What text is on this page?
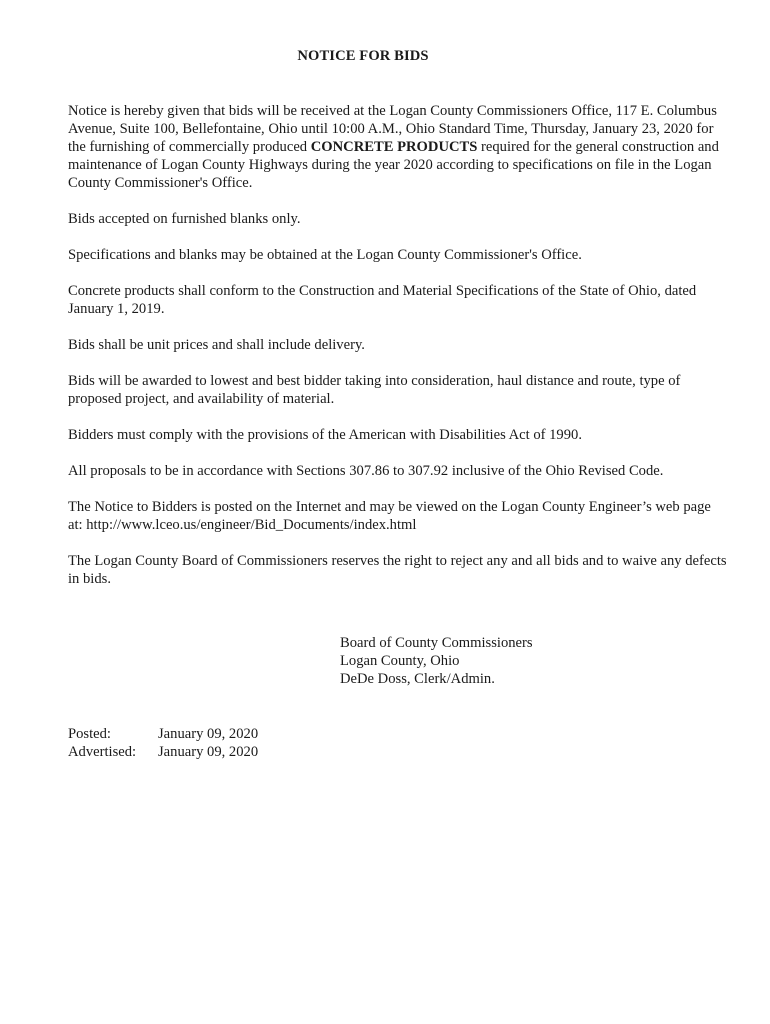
NOTICE FOR BIDS

Notice is hereby given that bids will be received at the Logan County Commissioners Office, 117 E. Columbus Avenue, Suite 100, Bellefontaine, Ohio until 10:00 A.M., Ohio Standard Time, Thursday, January 23, 2020 for the furnishing of commercially produced CONCRETE PRODUCTS required for the general construction and maintenance of Logan County Highways during the year 2020 according to specifications on file in the Logan County Commissioner's Office.

Bids accepted on furnished blanks only.

Specifications and blanks may be obtained at the Logan County Commissioner's Office.

Concrete products shall conform to the Construction and Material Specifications of the State of Ohio, dated January 1, 2019.

Bids shall be unit prices and shall include delivery.

Bids will be awarded to lowest and best bidder taking into consideration, haul distance and route, type of proposed project, and availability of material.

Bidders must comply with the provisions of the American with Disabilities Act of 1990.

All proposals to be in accordance with Sections 307.86 to 307.92 inclusive of the Ohio Revised Code.

The Notice to Bidders is posted on the Internet and may be viewed on the Logan County Engineer’s web page at: http://www.lceo.us/engineer/Bid_Documents/index.html

The Logan County Board of Commissioners reserves the right to reject any and all bids and to waive any defects in bids.

Board of County Commissioners
Logan County, Ohio
DeDe Doss, Clerk/Admin.
Posted:	January 09, 2020
Advertised:	January 09, 2020
